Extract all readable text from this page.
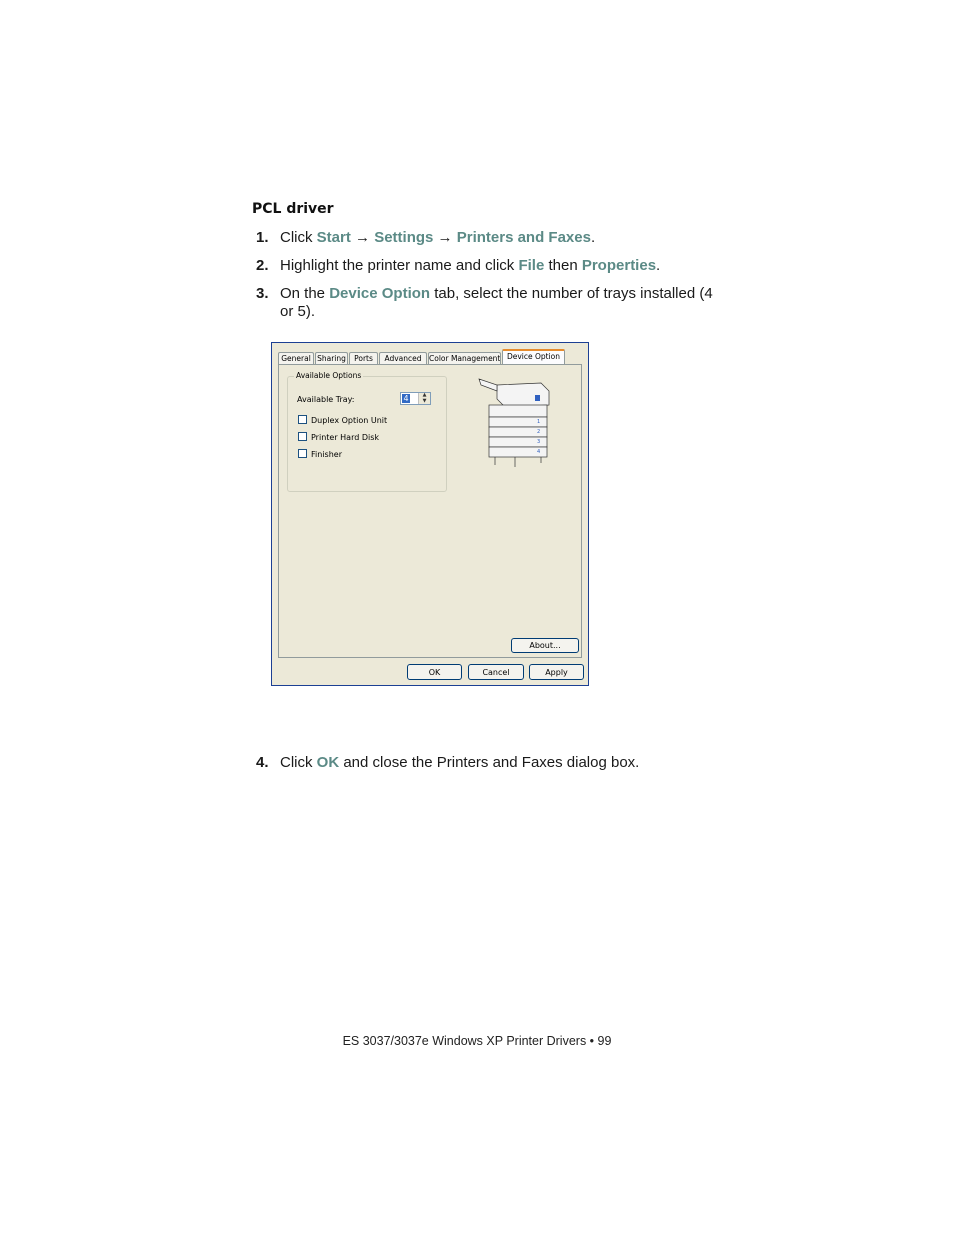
PCL driver
1. Click Start → Settings → Printers and Faxes.
2. Highlight the printer name and click File then Properties.
3. On the Device Option tab, select the number of trays installed (4 or 5).
General Sharing	Ports	Advanced Color Management Device Option
Available Options
Available Tray:	4	▲
▼
Duplex Option Unit
Printer Hard Disk
Finisher
1
2
3
4
About...
OK	Cancel	Apply
4. Click OK and close the Printers and Faxes dialog box.
ES 3037/3037e Windows XP Printer Drivers • 99
